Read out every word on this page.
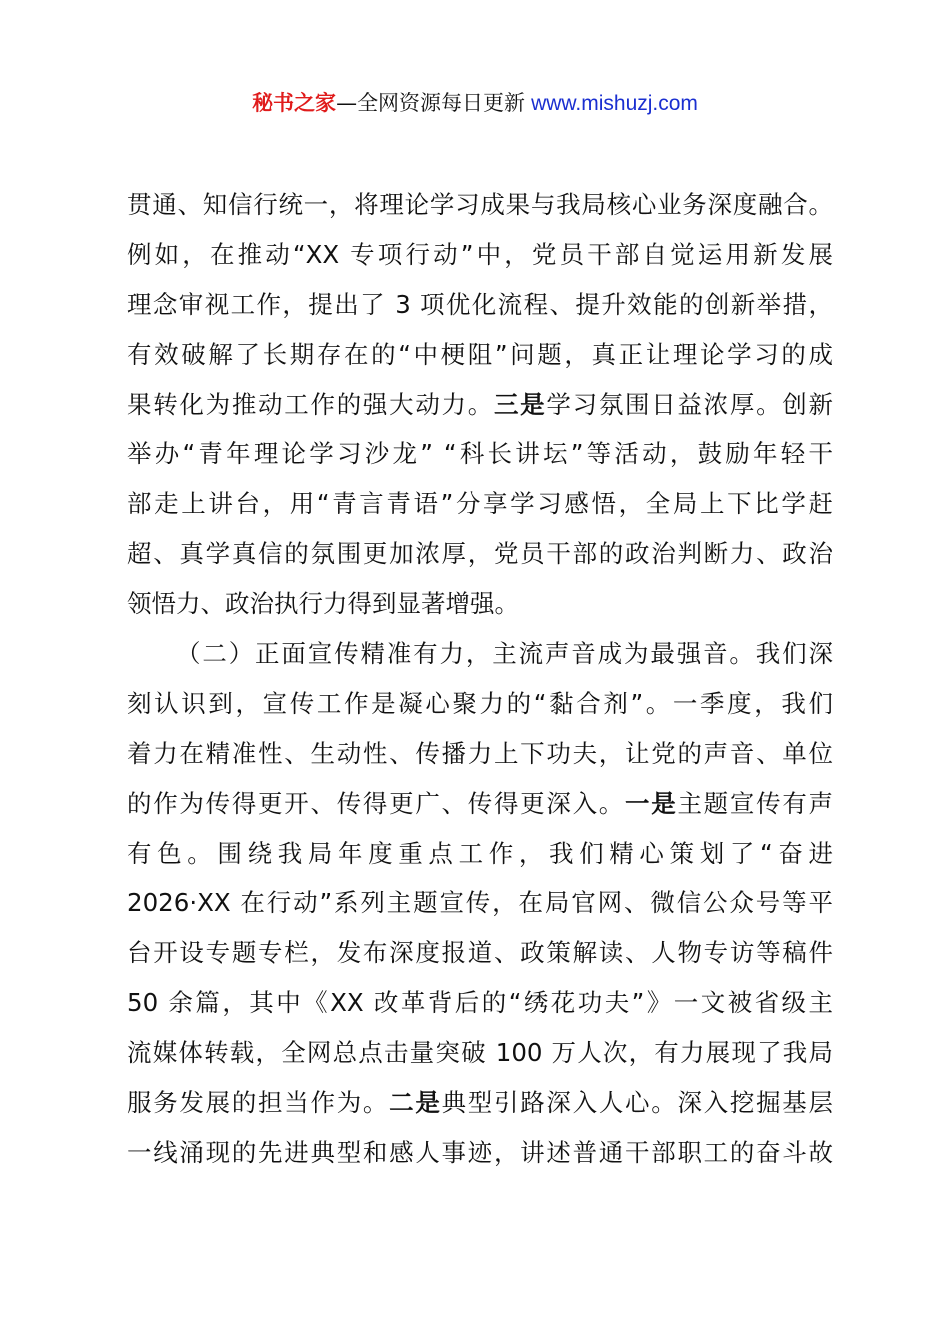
秘书之家—全网资源每日更新 www.mishuzj.com
贯通、知信行统一，将理论学习成果与我局核心业务深度融合。
例如，在推动“XX 专项行动”中，党员干部自觉运用新发展
理念审视工作，提出了 3 项优化流程、提升效能的创新举措，
有效破解了长期存在的“中梗阻”问题，真正让理论学习的成
果转化为推动工作的强大动力。三是学习氛围日益浓厚。创新
举办“青年理论学习沙龙” “科长讲坛”等活动，鼓励年轻干
部走上讲台，用“青言青语”分享学习感悟，全局上下比学赶
超、真学真信的氛围更加浓厚，党员干部的政治判断力、政治
领悟力、政治执行力得到显著增强。
（二）正面宣传精准有力，主流声音成为最强音。我们深
刻认识到，宣传工作是凝心聚力的“黏合剂”。一季度，我们
着力在精准性、生动性、传播力上下功夫，让党的声音、单位
的作为传得更开、传得更广、传得更深入。一是主题宣传有声
有色。围绕我局年度重点工作，我们精心策划了“奋进
2026·XX 在行动”系列主题宣传，在局官网、微信公众号等平
台开设专题专栏，发布深度报道、政策解读、人物专访等稿件
50 余篇，其中《XX 改革背后的“绣花功夫”》一文被省级主
流媒体转载，全网总点击量突破 100 万人次，有力展现了我局
服务发展的担当作为。二是典型引路深入人心。深入挖掘基层
一线涌现的先进典型和感人事迹，讲述普通干部职工的奋斗故
